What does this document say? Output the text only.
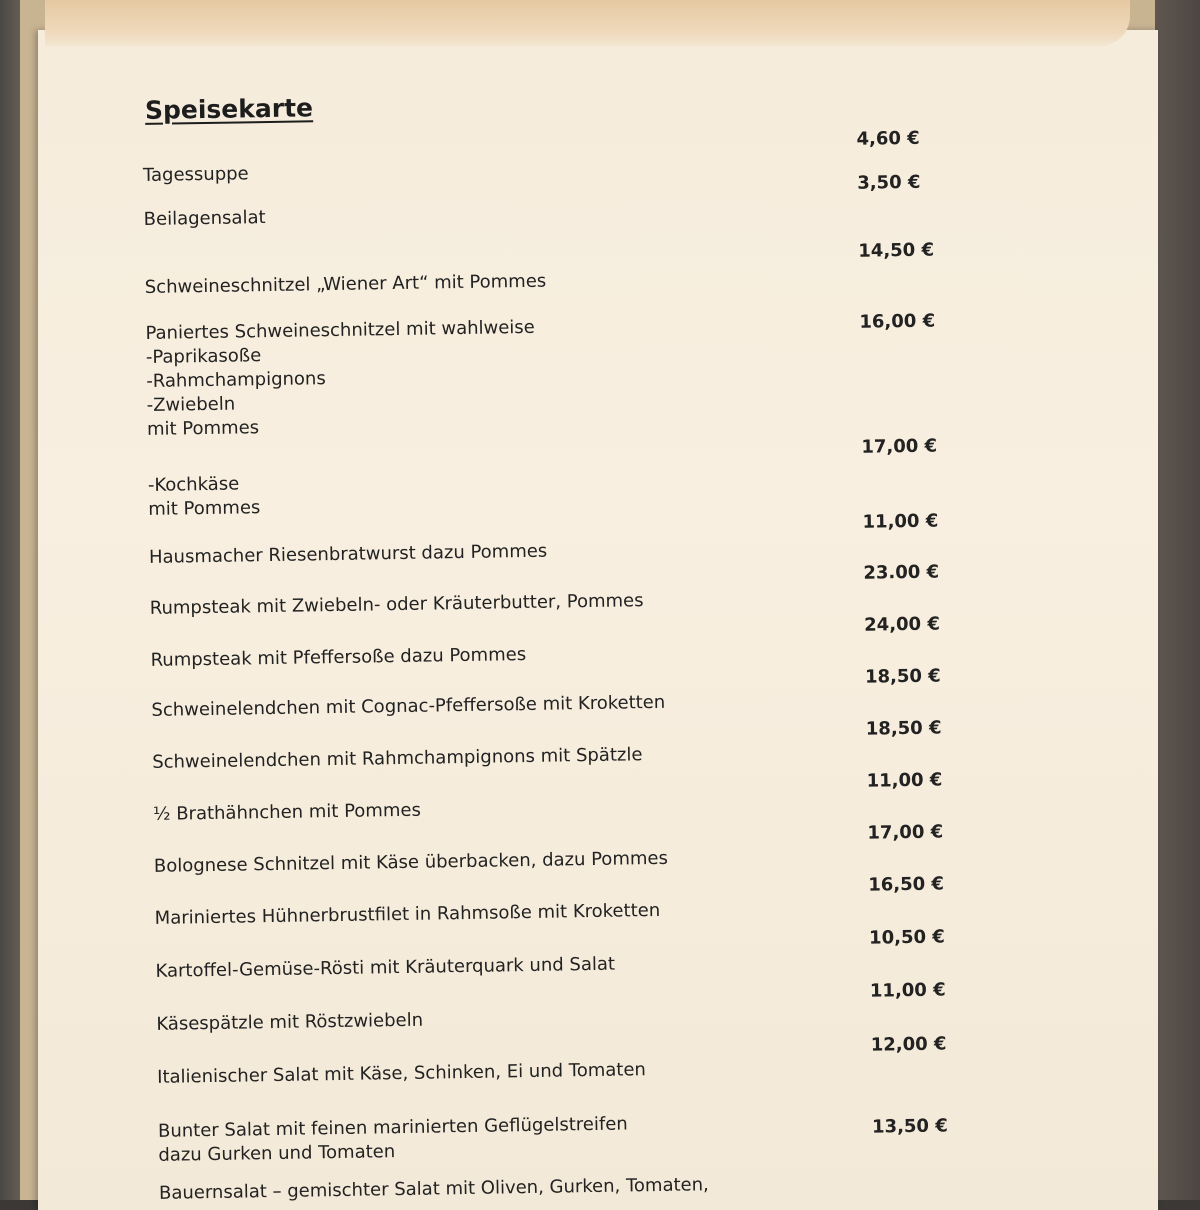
Speisekarte
Tagessuppe
4,60 €
Beilagensalat
3,50 €
Schweineschnitzel „Wiener Art“ mit Pommes
14,50 €
Paniertes Schweineschnitzel mit wahlweise
-Paprikasoße
-Rahmchampignons
-Zwiebeln
mit Pommes
16,00 €
-Kochkäse
mit Pommes
17,00 €
Hausmacher Riesenbratwurst dazu Pommes
11,00 €
Rumpsteak mit Zwiebeln- oder Kräuterbutter, Pommes
23.00 €
Rumpsteak mit Pfeffersoße dazu Pommes
24,00 €
Schweinelendchen mit Cognac-Pfeffersoße mit Kroketten
18,50 €
Schweinelendchen mit Rahmchampignons mit Spätzle
18,50 €
½ Brathähnchen mit Pommes
11,00 €
Bolognese Schnitzel mit Käse überbacken, dazu Pommes
17,00 €
Mariniertes Hühnerbrustfilet in Rahmsoße mit Kroketten
16,50 €
Kartoffel-Gemüse-Rösti mit Kräuterquark und Salat
10,50 €
Käsespätzle mit Röstzwiebeln
11,00 €
Italienischer Salat mit Käse, Schinken, Ei und Tomaten
12,00 €
Bunter Salat mit feinen marinierten Geflügelstreifen
dazu Gurken und Tomaten
13,50 €
Bauernsalat – gemischter Salat mit Oliven, Gurken, Tomaten,
